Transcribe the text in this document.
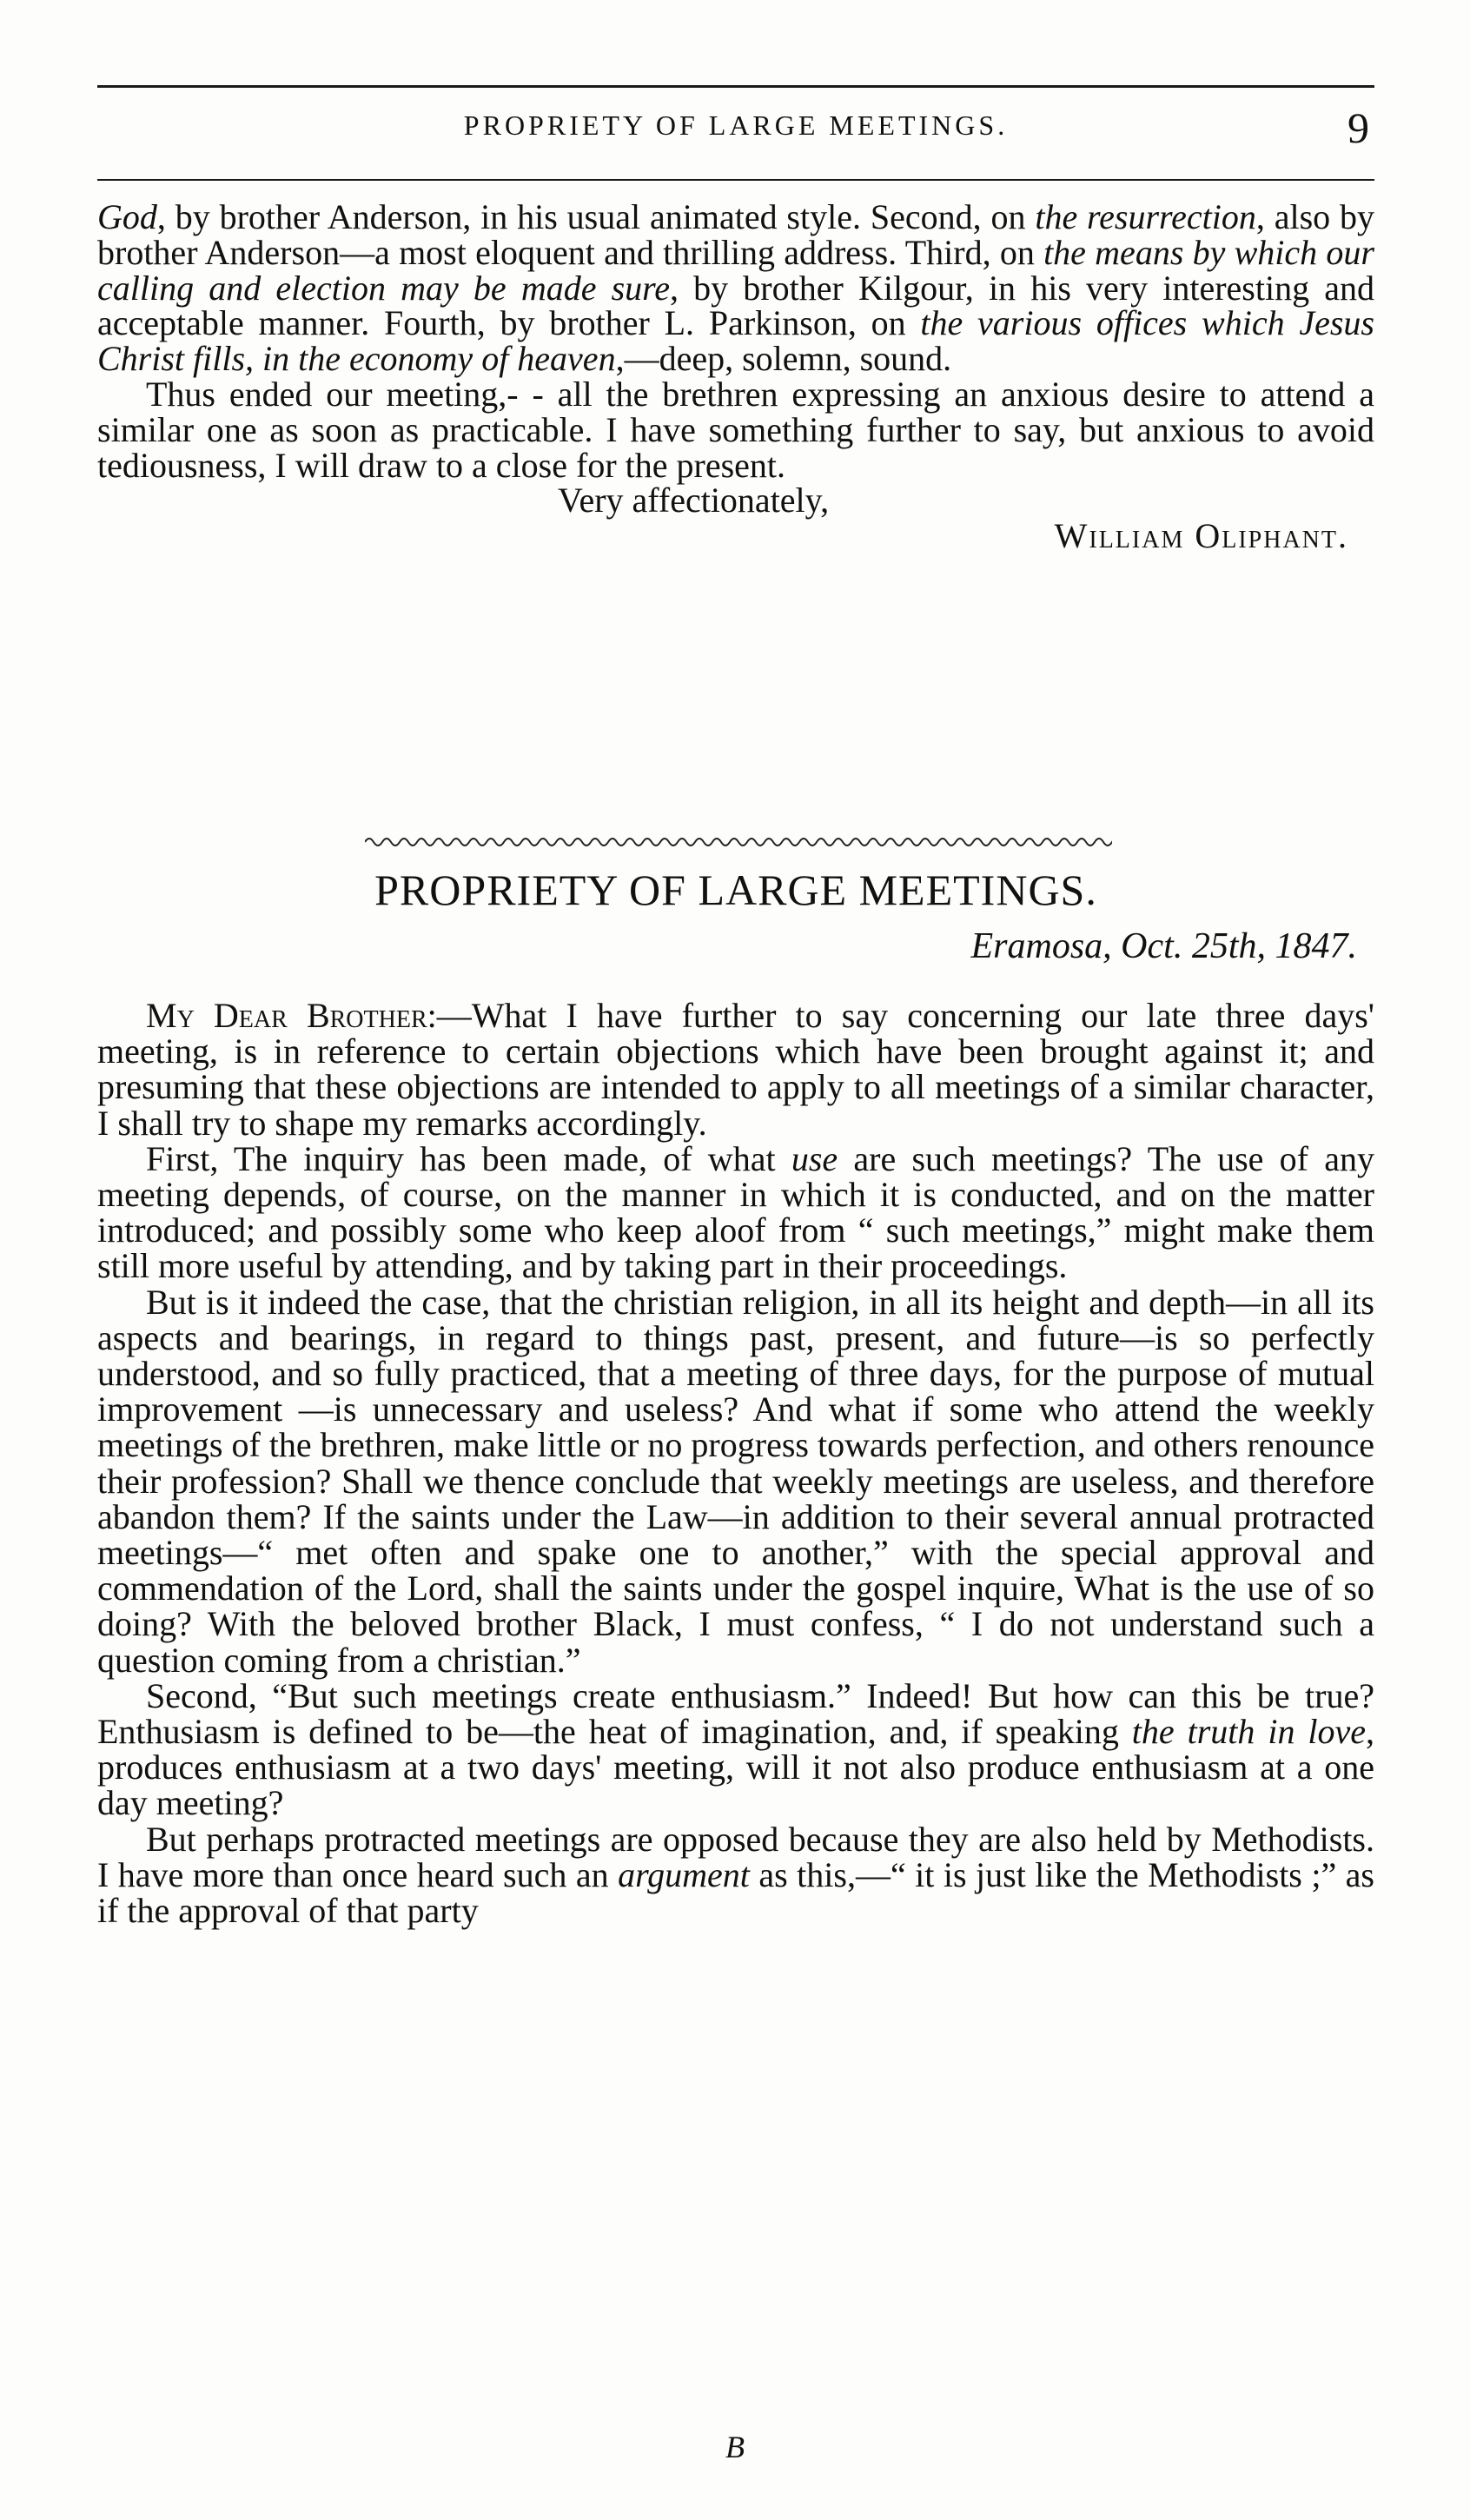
PROPRIETY OF LARGE MEETINGS.	9

God, by brother Anderson, in his usual animated style. Second, on the resurrection, also by brother Anderson—a most eloquent and thrilling address. Third, on the means by which our calling and election may be made sure, by brother Kilgour, in his very interesting and acceptable manner. Fourth, by brother L. Parkinson, on the various offices which Jesus Christ fills, in the economy of heaven,—deep, solemn, sound.

Thus ended our meeting,- - all the brethren expressing an anxious desire to attend a similar one as soon as practicable. I have something further to say, but anxious to avoid tediousness, I will draw to a close for the present.

Very affectionately,

William Oliphant.

PROPRIETY OF LARGE MEETINGS.
Eramosa, Oct. 25th, 1847.

My Dear Brother:—What I have further to say concerning our late three days' meeting, is in reference to certain objections which have been brought against it; and presuming that these objections are intended to apply to all meetings of a similar character, I shall try to shape my remarks accordingly.

First, The inquiry has been made, of what use are such meetings? The use of any meeting depends, of course, on the manner in which it is conducted, and on the matter introduced; and possibly some who keep aloof from “ such meetings,” might make them still more useful by attending, and by taking part in their proceedings.

But is it indeed the case, that the christian religion, in all its height and depth—in all its aspects and bearings, in regard to things past, present, and future—is so perfectly understood, and so fully practiced, that a meeting of three days, for the purpose of mutual improvement —is unnecessary and useless? And what if some who attend the weekly meetings of the brethren, make little or no progress towards perfection, and others renounce their profession? Shall we thence conclude that weekly meetings are useless, and therefore abandon them? If the saints under the Law—in addition to their several annual protracted meetings—“ met often and spake one to another,” with the special approval and commendation of the Lord, shall the saints under the gospel inquire, What is the use of so doing? With the beloved brother Black, I must confess, “ I do not understand such a question coming from a christian.”

Second, “But such meetings create enthusiasm.” Indeed! But how can this be true? Enthusiasm is defined to be—the heat of imagination, and, if speaking the truth in love, produces enthusiasm at a two days' meeting, will it not also produce enthusiasm at a one day meeting?

But perhaps protracted meetings are opposed because they are also held by Methodists. I have more than once heard such an argument as this,—“ it is just like the Methodists ;” as if the approval of that party

B
